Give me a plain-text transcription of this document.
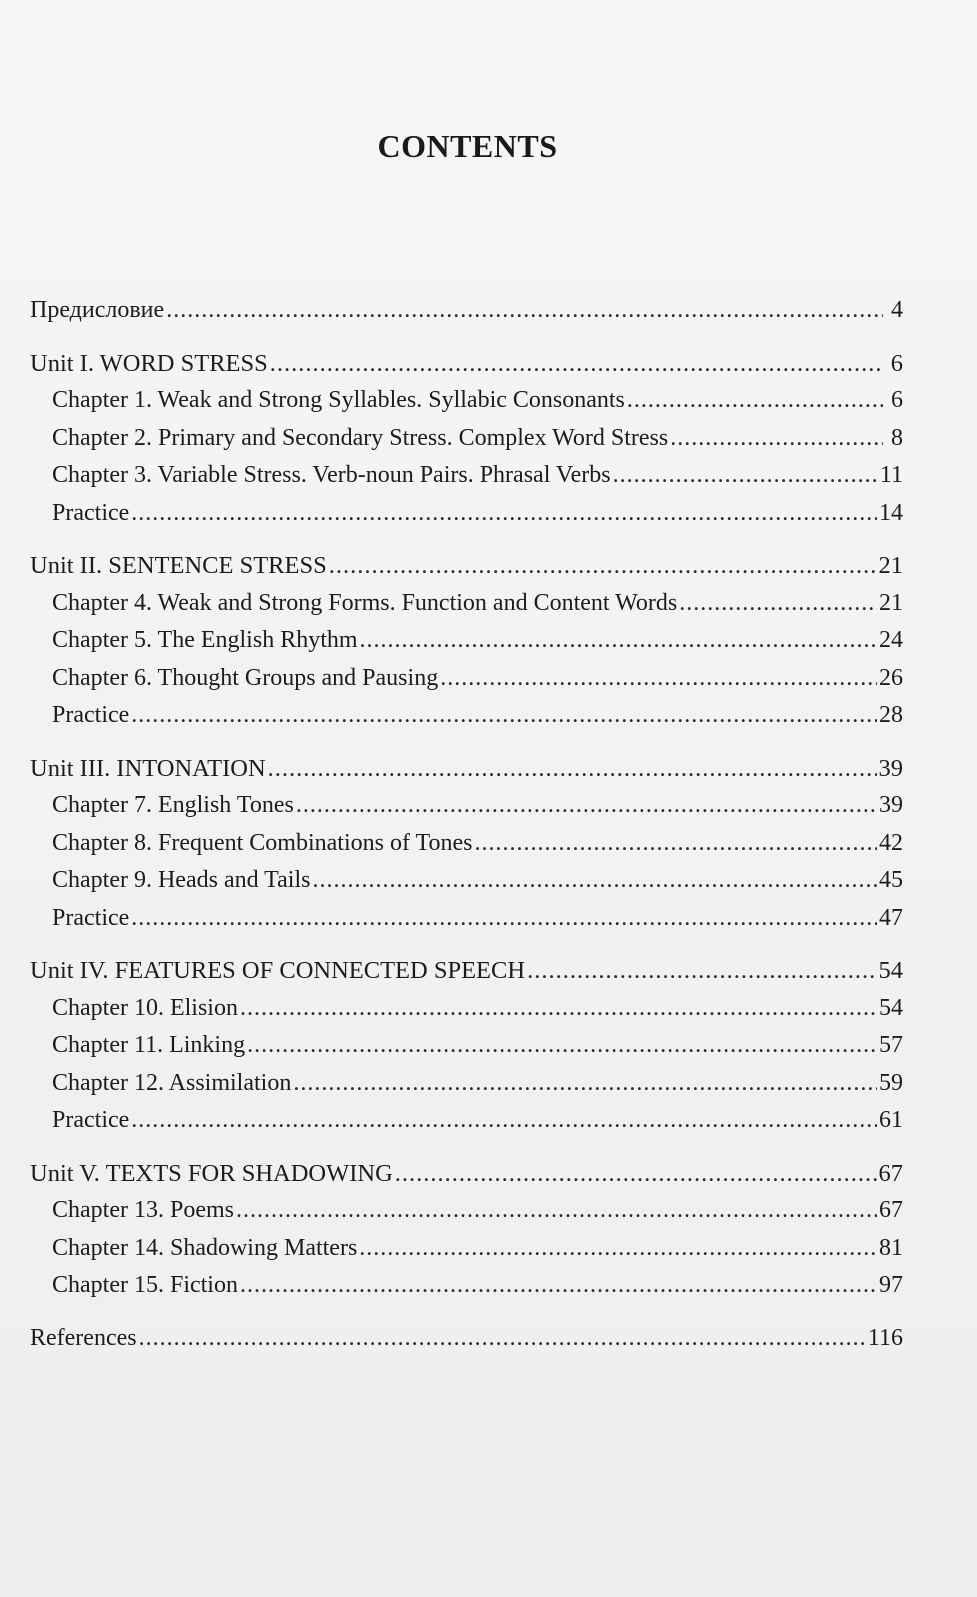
CONTENTS
Предисловие .....	4
Unit I. WORD STRESS .....	6
Chapter 1. Weak and Strong Syllables. Syllabic Consonants .....	6
Chapter 2. Primary and Secondary Stress. Complex Word Stress .....	8
Chapter 3. Variable Stress. Verb-noun Pairs. Phrasal Verbs .....	11
Practice .....	14
Unit II. SENTENCE STRESS .....	21
Chapter 4. Weak and Strong Forms. Function and Content Words .....	21
Chapter 5. The English Rhythm .....	24
Chapter 6. Thought Groups and Pausing .....	26
Practice .....	28
Unit III. INTONATION .....	39
Chapter 7. English Tones .....	39
Chapter 8. Frequent Combinations of Tones .....	42
Chapter 9. Heads and Tails .....	45
Practice .....	47
Unit IV. FEATURES OF CONNECTED SPEECH .....	54
Chapter 10. Elision .....	54
Chapter 11. Linking .....	57
Chapter 12. Assimilation .....	59
Practice .....	61
Unit V. TEXTS FOR SHADOWING .....	67
Chapter 13. Poems .....	67
Chapter 14. Shadowing Matters .....	81
Chapter 15. Fiction .....	97
References .....	116
